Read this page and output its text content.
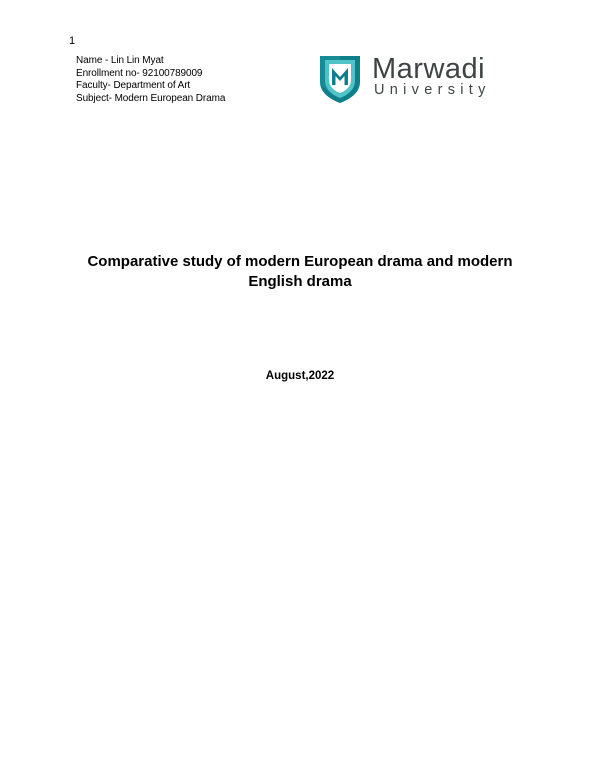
1
Name - Lin Lin Myat
Enrollment no- 92100789009
Faculty- Department of Art
Subject- Modern European Drama
Marwadi
University
Comparative study of modern European drama and modern
English drama
August,2022
